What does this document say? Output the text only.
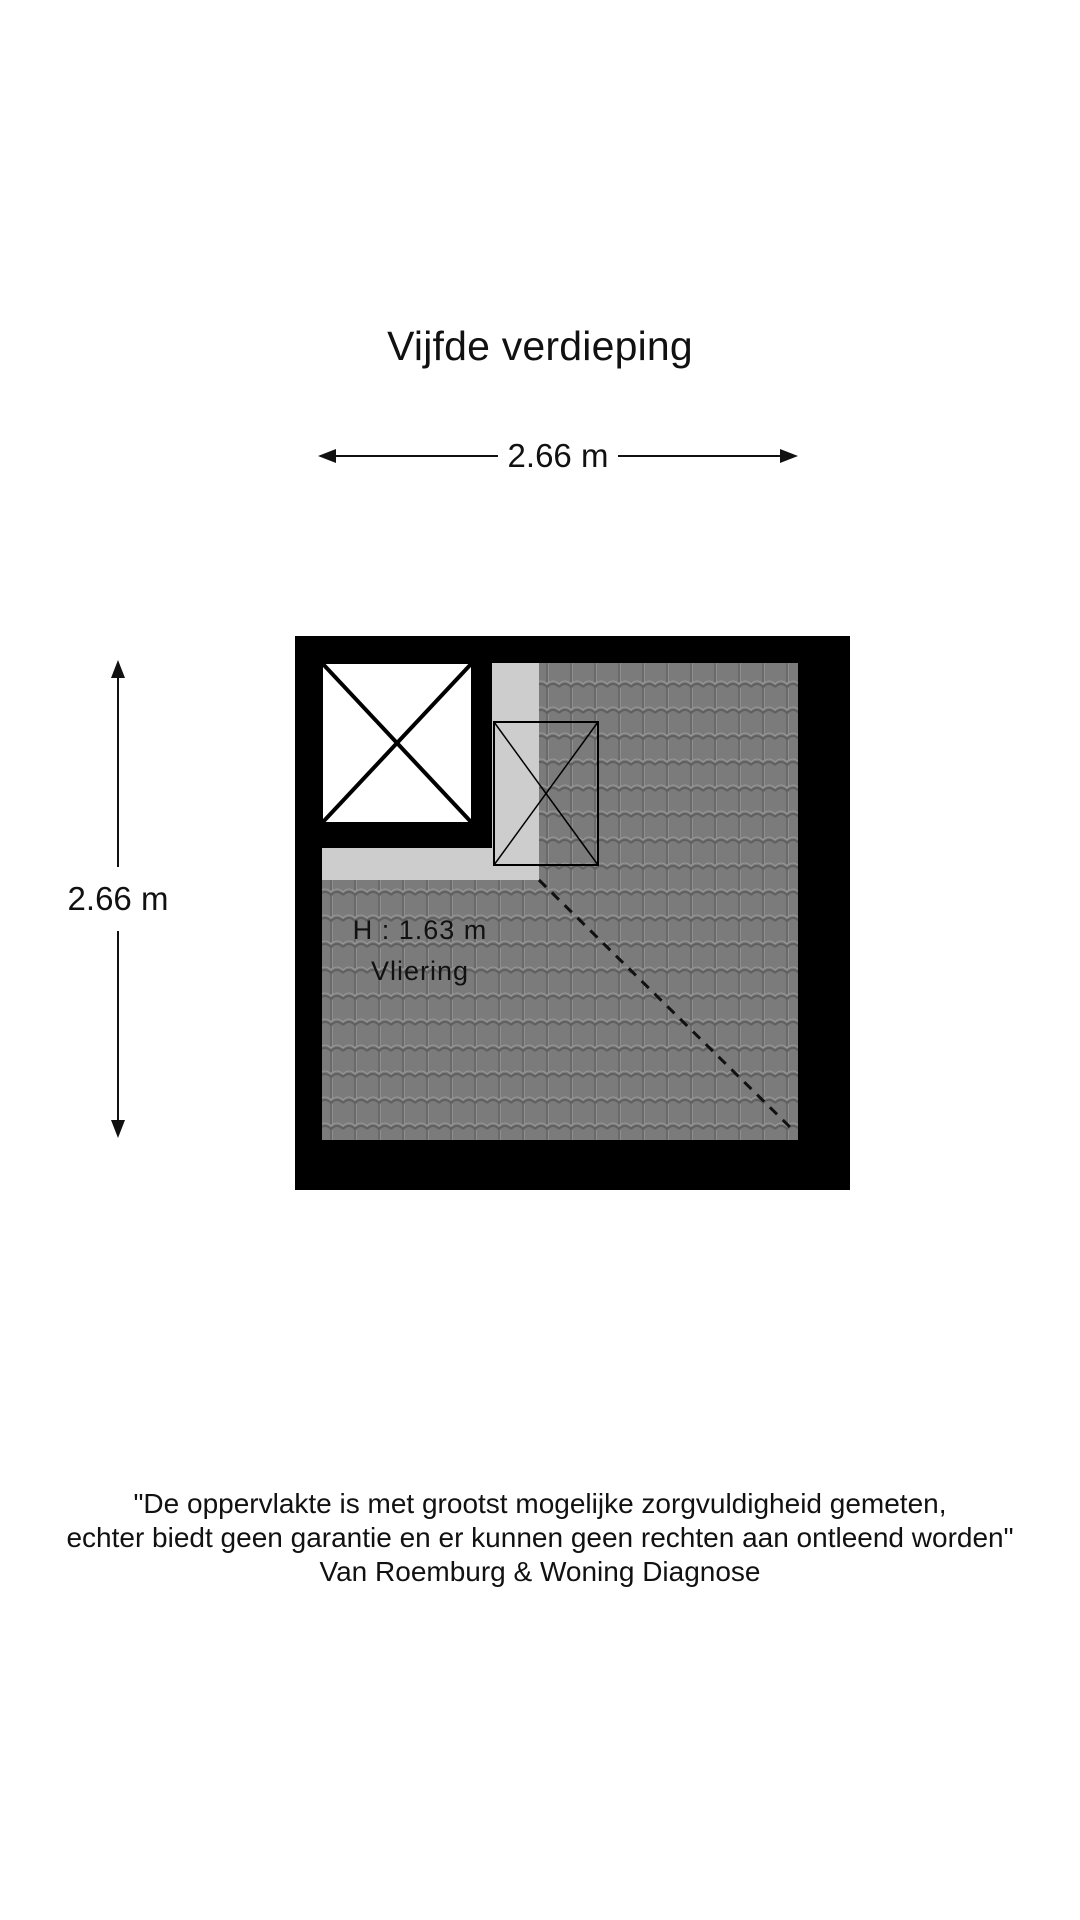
Vijfde verdieping
2.66 m
2.66 m
H : 1.63 m
Vliering
"De oppervlakte is met grootst mogelijke zorgvuldigheid gemeten,
echter biedt geen garantie en er kunnen geen rechten aan ontleend worden"
Van Roemburg & Woning Diagnose
